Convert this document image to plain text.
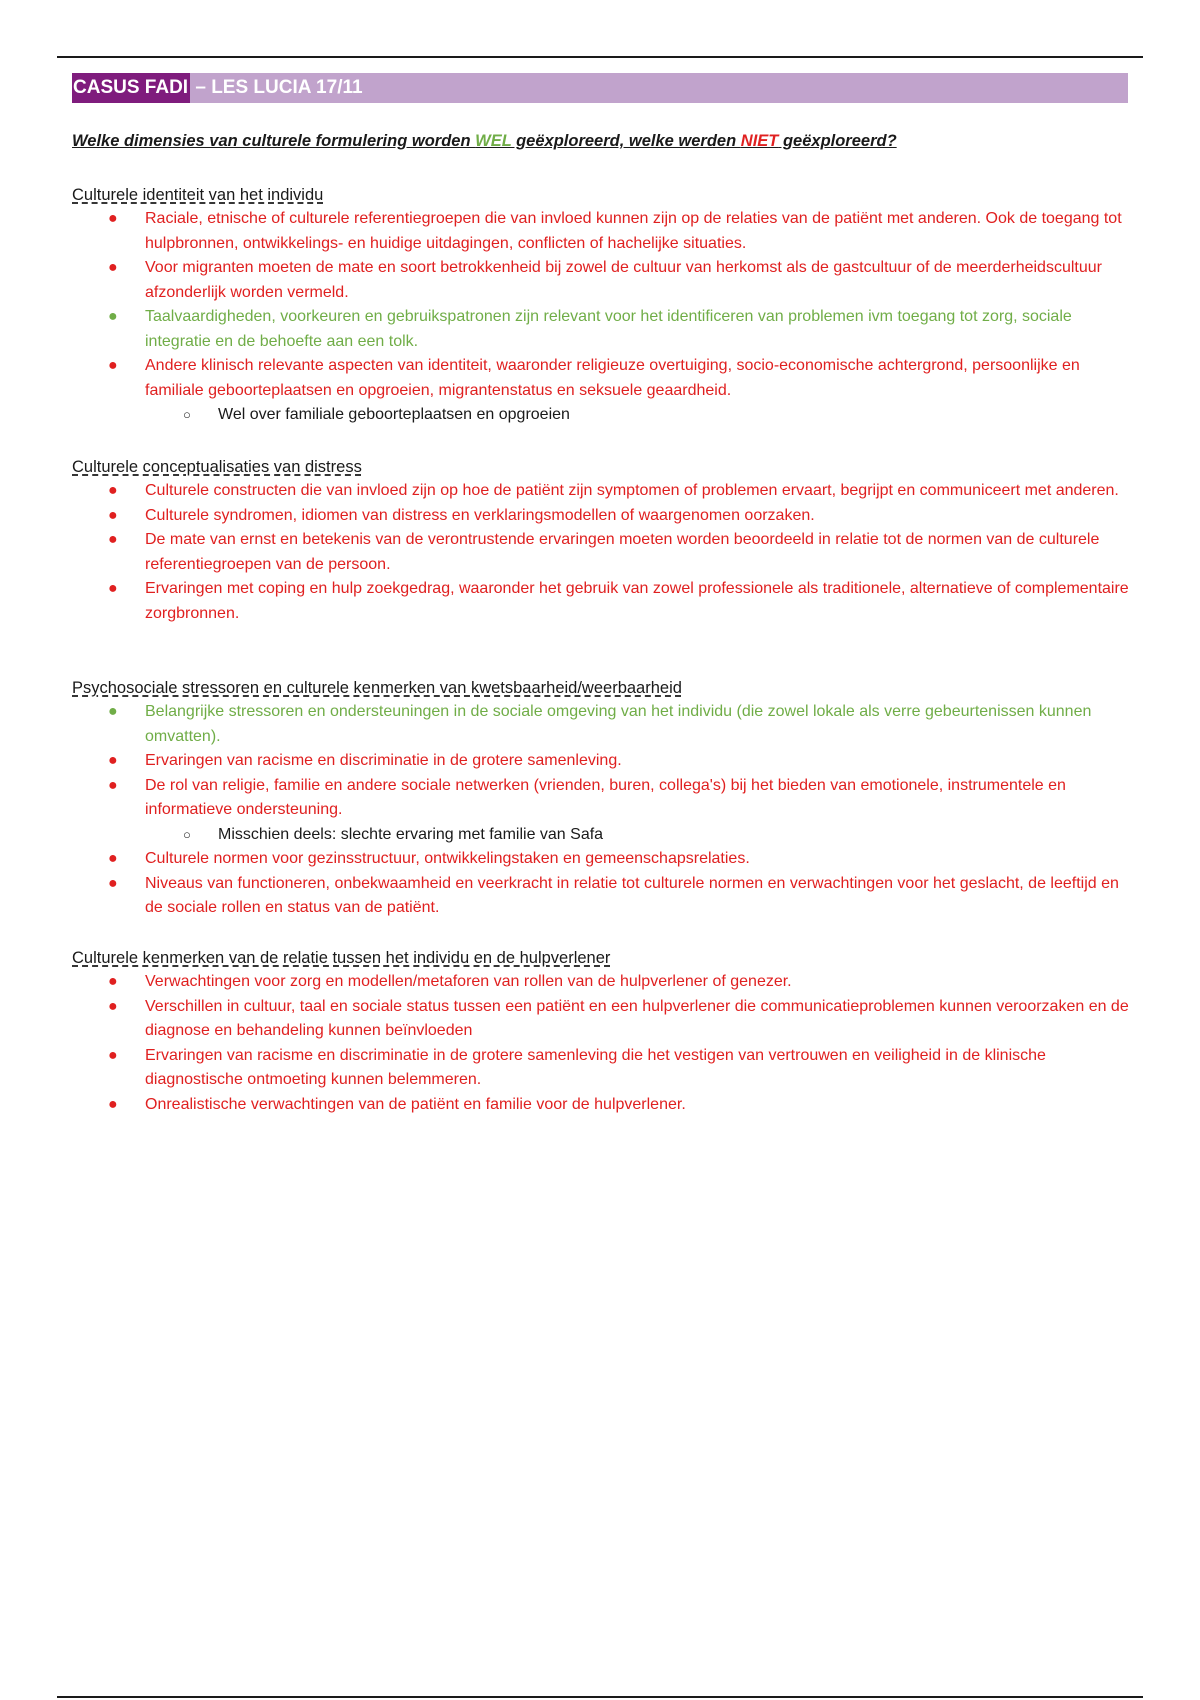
CASUS FADI – LES LUCIA 17/11
Welke dimensies van culturele formulering worden WEL geëxploreerd, welke werden NIET geëxploreerd?
Culturele identiteit van het individu
● Raciale, etnische of culturele referentiegroepen die van invloed kunnen zijn op de relaties van de patiënt met anderen. Ook de toegang tot hulpbronnen, ontwikkelings- en huidige uitdagingen, conflicten of hachelijke situaties.
● Voor migranten moeten de mate en soort betrokkenheid bij zowel de cultuur van herkomst als de gastcultuur of de meerderheidscultuur afzonderlijk worden vermeld.
● Taalvaardigheden, voorkeuren en gebruikspatronen zijn relevant voor het identificeren van problemen ivm toegang tot zorg, sociale integratie en de behoefte aan een tolk.
● Andere klinisch relevante aspecten van identiteit, waaronder religieuze overtuiging, socio-economische achtergrond, persoonlijke en familiale geboorteplaatsen en opgroeien, migrantenstatus en seksuele geaardheid.
○ Wel over familiale geboorteplaatsen en opgroeien
Culturele conceptualisaties van distress
● Culturele constructen die van invloed zijn op hoe de patiënt zijn symptomen of problemen ervaart, begrijpt en communiceert met anderen.
● Culturele syndromen, idiomen van distress en verklaringsmodellen of waargenomen oorzaken.
● De mate van ernst en betekenis van de verontrustende ervaringen moeten worden beoordeeld in relatie tot de normen van de culturele referentiegroepen van de persoon.
● Ervaringen met coping en hulp zoekgedrag, waaronder het gebruik van zowel professionele als traditionele, alternatieve of complementaire zorgbronnen.
Psychosociale stressoren en culturele kenmerken van kwetsbaarheid/weerbaarheid
● Belangrijke stressoren en ondersteuningen in de sociale omgeving van het individu (die zowel lokale als verre gebeurtenissen kunnen omvatten).
● Ervaringen van racisme en discriminatie in de grotere samenleving.
● De rol van religie, familie en andere sociale netwerken (vrienden, buren, collega's) bij het bieden van emotionele, instrumentele en informatieve ondersteuning.
○ Misschien deels: slechte ervaring met familie van Safa
● Culturele normen voor gezinsstructuur, ontwikkelingstaken en gemeenschapsrelaties.
● Niveaus van functioneren, onbekwaamheid en veerkracht in relatie tot culturele normen en verwachtingen voor het geslacht, de leeftijd en de sociale rollen en status van de patiënt.
Culturele kenmerken van de relatie tussen het individu en de hulpverlener
● Verwachtingen voor zorg en modellen/metaforen van rollen van de hulpverlener of genezer.
● Verschillen in cultuur, taal en sociale status tussen een patiënt en een hulpverlener die communicatieproblemen kunnen veroorzaken en de diagnose en behandeling kunnen beïnvloeden
● Ervaringen van racisme en discriminatie in de grotere samenleving die het vestigen van vertrouwen en veiligheid in de klinische diagnostische ontmoeting kunnen belemmeren.
● Onrealistische verwachtingen van de patiënt en familie voor de hulpverlener.
